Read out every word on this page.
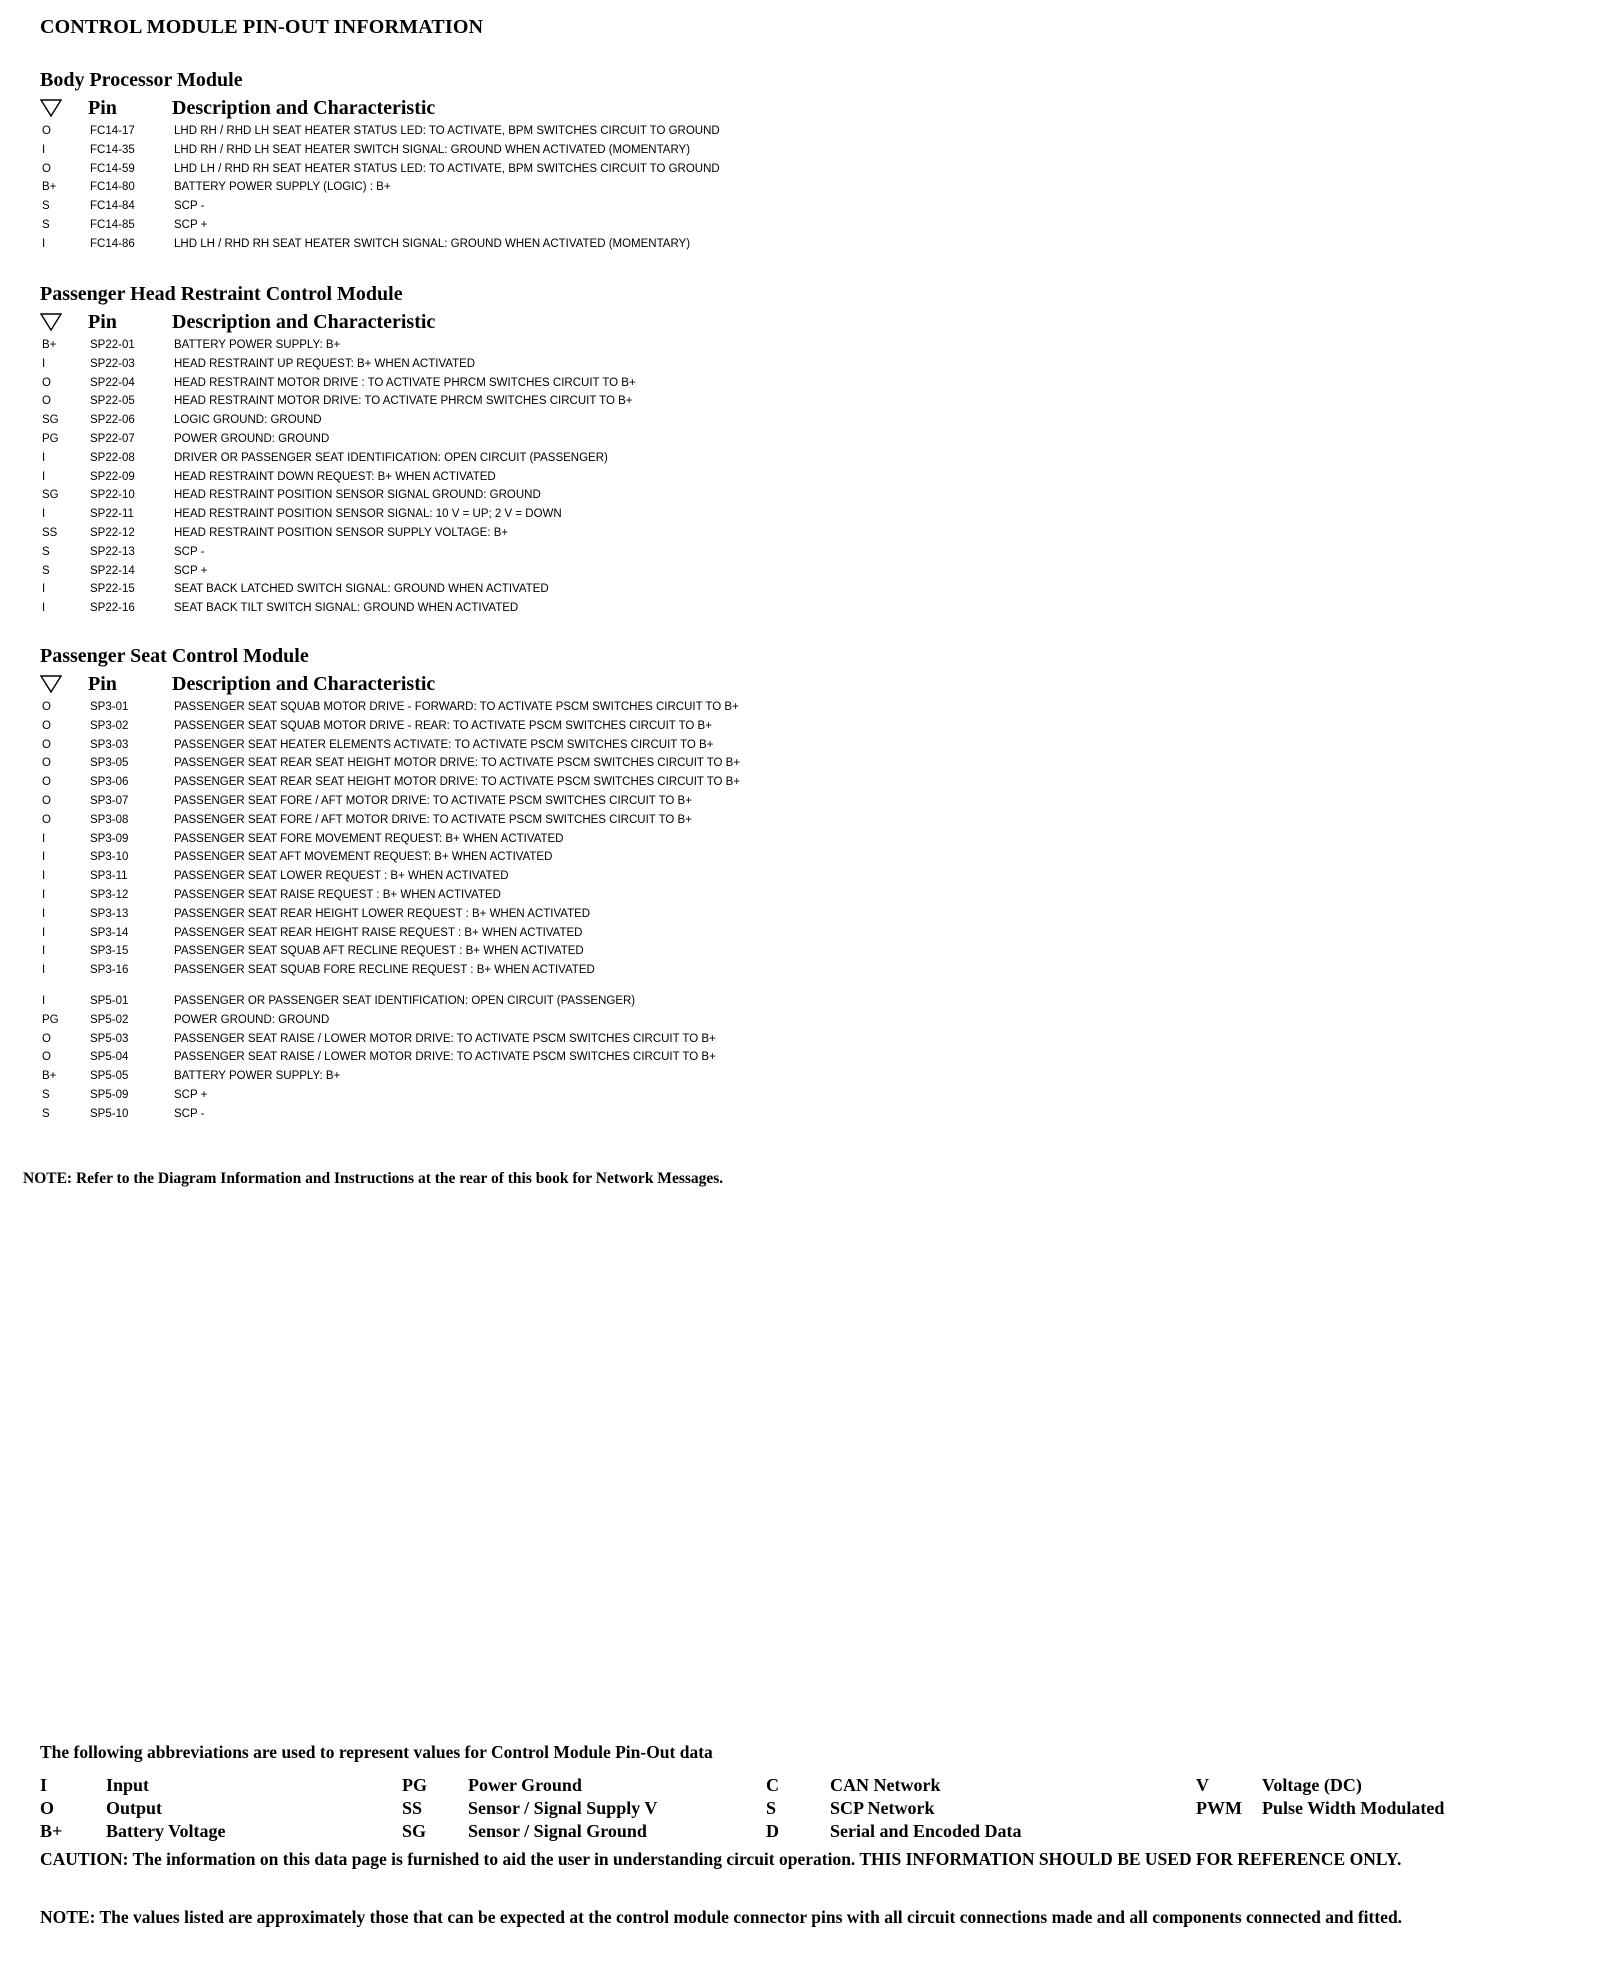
CONTROL MODULE PIN-OUT INFORMATION
Body Processor Module
Pin	Description and Characteristic
O	FC14-17	LHD RH / RHD LH SEAT HEATER STATUS LED: TO ACTIVATE, BPM SWITCHES CIRCUIT TO GROUND
I	FC14-35	LHD RH / RHD LH SEAT HEATER SWITCH SIGNAL: GROUND WHEN ACTIVATED (MOMENTARY)
O	FC14-59	LHD LH / RHD RH SEAT HEATER STATUS LED: TO ACTIVATE, BPM SWITCHES CIRCUIT TO GROUND
B+	FC14-80	BATTERY POWER SUPPLY (LOGIC) : B+
S	FC14-84	SCP -
S	FC14-85	SCP +
I	FC14-86	LHD LH / RHD RH SEAT HEATER SWITCH SIGNAL: GROUND WHEN ACTIVATED (MOMENTARY)
Passenger Head Restraint Control Module
Pin	Description and Characteristic
B+	SP22-01	BATTERY POWER SUPPLY: B+
I	SP22-03	HEAD RESTRAINT UP REQUEST: B+ WHEN ACTIVATED
O	SP22-04	HEAD RESTRAINT MOTOR DRIVE : TO ACTIVATE PHRCM SWITCHES CIRCUIT TO B+
O	SP22-05	HEAD RESTRAINT MOTOR DRIVE: TO ACTIVATE PHRCM SWITCHES CIRCUIT TO B+
SG	SP22-06	LOGIC GROUND: GROUND
PG	SP22-07	POWER GROUND: GROUND
I	SP22-08	DRIVER OR PASSENGER SEAT IDENTIFICATION: OPEN CIRCUIT (PASSENGER)
I	SP22-09	HEAD RESTRAINT DOWN REQUEST: B+ WHEN ACTIVATED
SG	SP22-10	HEAD RESTRAINT POSITION SENSOR SIGNAL GROUND: GROUND
I	SP22-11	HEAD RESTRAINT POSITION SENSOR SIGNAL: 10 V = UP; 2 V = DOWN
SS	SP22-12	HEAD RESTRAINT POSITION SENSOR SUPPLY VOLTAGE: B+
S	SP22-13	SCP -
S	SP22-14	SCP +
I	SP22-15	SEAT BACK LATCHED SWITCH SIGNAL: GROUND WHEN ACTIVATED
I	SP22-16	SEAT BACK TILT SWITCH SIGNAL: GROUND WHEN ACTIVATED
Passenger Seat Control Module
Pin	Description and Characteristic
O	SP3-01	PASSENGER SEAT SQUAB MOTOR DRIVE - FORWARD: TO ACTIVATE PSCM SWITCHES CIRCUIT TO B+
O	SP3-02	PASSENGER SEAT SQUAB MOTOR DRIVE - REAR: TO ACTIVATE PSCM SWITCHES CIRCUIT TO B+
O	SP3-03	PASSENGER SEAT HEATER ELEMENTS ACTIVATE: TO ACTIVATE PSCM SWITCHES CIRCUIT TO B+
O	SP3-05	PASSENGER SEAT REAR SEAT HEIGHT MOTOR DRIVE: TO ACTIVATE PSCM SWITCHES CIRCUIT TO B+
O	SP3-06	PASSENGER SEAT REAR SEAT HEIGHT MOTOR DRIVE: TO ACTIVATE PSCM SWITCHES CIRCUIT TO B+
O	SP3-07	PASSENGER SEAT FORE / AFT MOTOR DRIVE: TO ACTIVATE PSCM SWITCHES CIRCUIT TO B+
O	SP3-08	PASSENGER SEAT FORE / AFT MOTOR DRIVE: TO ACTIVATE PSCM SWITCHES CIRCUIT TO B+
I	SP3-09	PASSENGER SEAT FORE MOVEMENT REQUEST: B+ WHEN ACTIVATED
I	SP3-10	PASSENGER SEAT AFT MOVEMENT REQUEST: B+ WHEN ACTIVATED
I	SP3-11	PASSENGER SEAT LOWER REQUEST : B+ WHEN ACTIVATED
I	SP3-12	PASSENGER SEAT RAISE REQUEST : B+ WHEN ACTIVATED
I	SP3-13	PASSENGER SEAT REAR HEIGHT LOWER REQUEST : B+ WHEN ACTIVATED
I	SP3-14	PASSENGER SEAT REAR HEIGHT RAISE REQUEST : B+ WHEN ACTIVATED
I	SP3-15	PASSENGER SEAT SQUAB AFT RECLINE REQUEST : B+ WHEN ACTIVATED
I	SP3-16	PASSENGER SEAT SQUAB FORE RECLINE REQUEST : B+ WHEN ACTIVATED
I	SP5-01	PASSENGER OR PASSENGER SEAT IDENTIFICATION: OPEN CIRCUIT (PASSENGER)
PG	SP5-02	POWER GROUND: GROUND
O	SP5-03	PASSENGER SEAT RAISE / LOWER MOTOR DRIVE: TO ACTIVATE PSCM SWITCHES CIRCUIT TO B+
O	SP5-04	PASSENGER SEAT RAISE / LOWER MOTOR DRIVE: TO ACTIVATE PSCM SWITCHES CIRCUIT TO B+
B+	SP5-05	BATTERY POWER SUPPLY: B+
S	SP5-09	SCP +
S	SP5-10	SCP -
NOTE: Refer to the Diagram Information and Instructions at the rear of this book for Network Messages.
The following abbreviations are used to represent values for Control Module Pin-Out data
I	Input	PG	Power Ground	C	CAN Network	V	Voltage (DC)
O	Output	SS	Sensor / Signal Supply V	S	SCP Network	PWM	Pulse Width Modulated
B+	Battery Voltage	SG	Sensor / Signal Ground	D	Serial and Encoded Data
CAUTION: The information on this data page is furnished to aid the user in understanding circuit operation. THIS INFORMATION SHOULD BE USED FOR REFERENCE ONLY.
NOTE: The values listed are approximately those that can be expected at the control module connector pins with all circuit connections made and all components connected and fitted.
